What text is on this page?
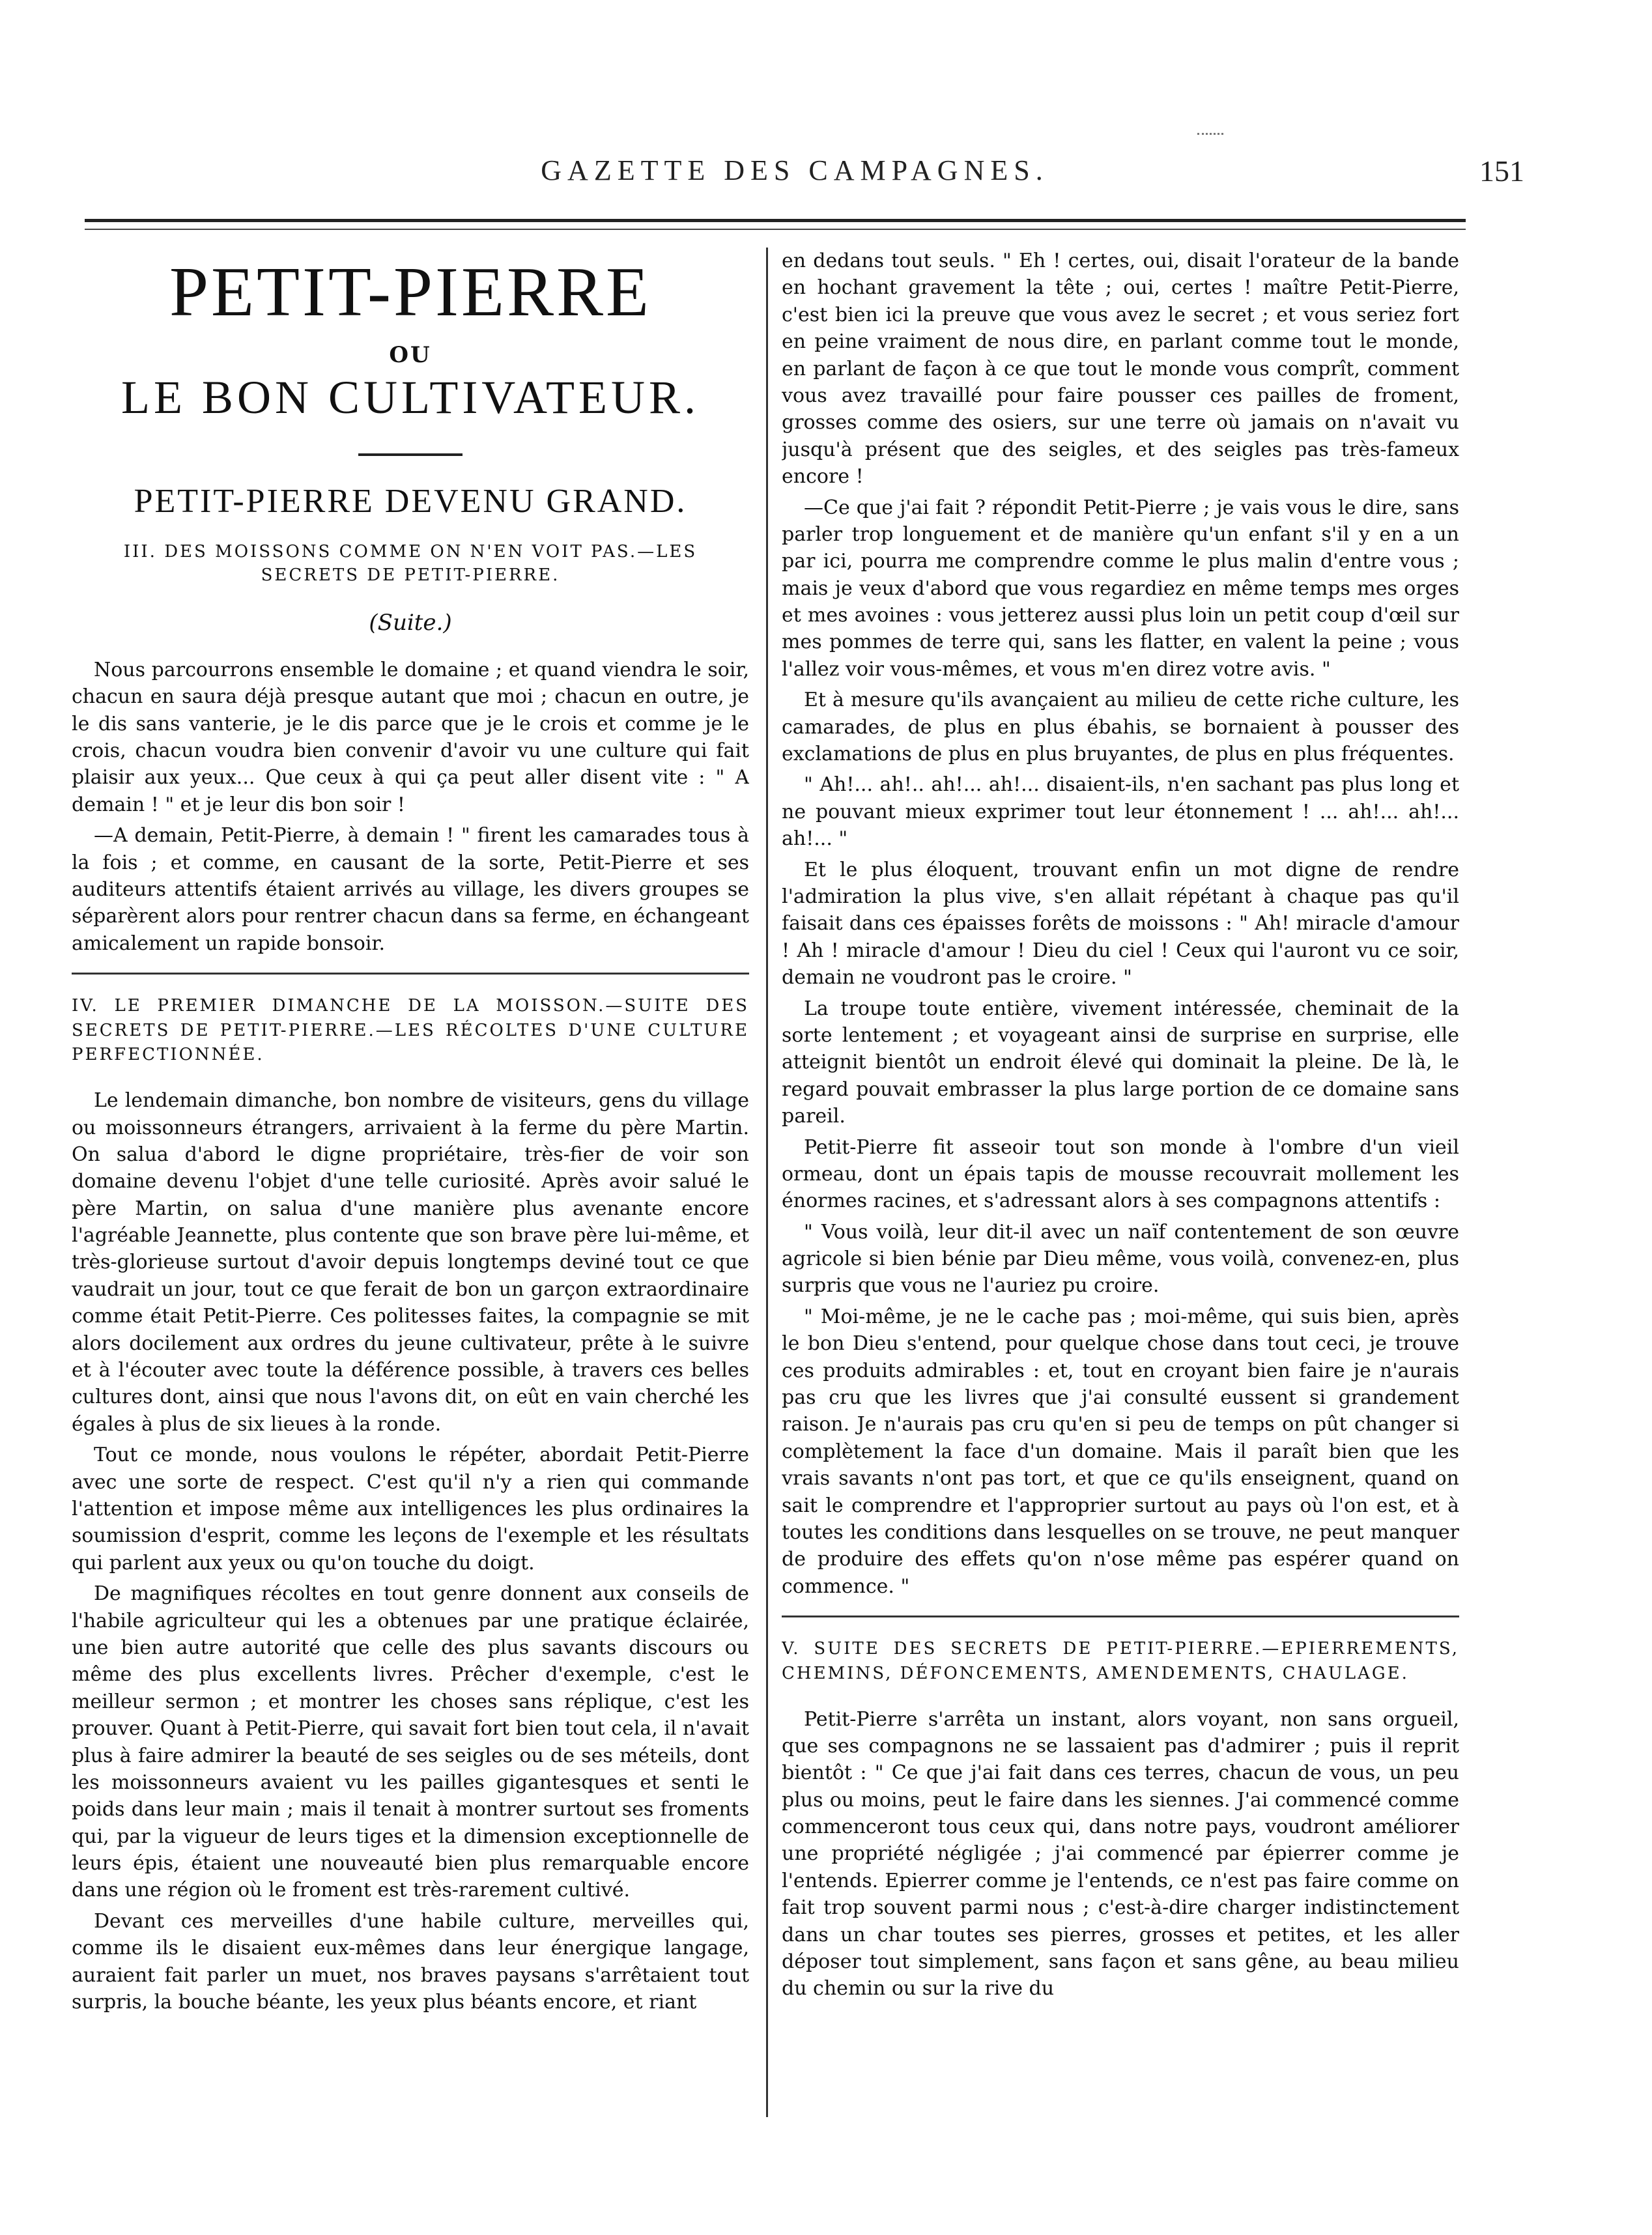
GAZETTE DES CAMPAGNES.	151
PETIT-PIERRE
OU
LE BON CULTIVATEUR.
PETIT-PIERRE DEVENU GRAND.
III. DES MOISSONS COMME ON N'EN VOIT PAS.—LES SECRETS DE PETIT-PIERRE.
(Suite.)

Nous parcourrons ensemble le domaine ; et quand viendra le soir, chacun en saura déjà presque autant que moi ; chacun en outre, je le dis sans vanterie, je le dis parce que je le crois et comme je le crois, chacun voudra bien convenir d'avoir vu une culture qui fait plaisir aux yeux... Que ceux à qui ça peut aller disent vite : " A demain ! " et je leur dis bon soir !

—A demain, Petit-Pierre, à demain ! " firent les camarades tous à la fois ; et comme, en causant de la sorte, Petit-Pierre et ses auditeurs attentifs étaient arrivés au village, les divers groupes se séparèrent alors pour rentrer chacun dans sa ferme, en échangeant amicalement un rapide bonsoir.

IV. LE PREMIER DIMANCHE DE LA MOISSON.—SUITE DES SECRETS DE PETIT-PIERRE.—LES RÉCOLTES D'UNE CULTURE PERFECTIONNÉE.

Le lendemain dimanche, bon nombre de visiteurs, gens du village ou moissonneurs étrangers, arrivaient à la ferme du père Martin. On salua d'abord le digne propriétaire, très-fier de voir son domaine devenu l'objet d'une telle curiosité. Après avoir salué le père Martin, on salua d'une manière plus avenante encore l'agréable Jeannette, plus contente que son brave père lui-même, et très-glorieuse surtout d'avoir depuis longtemps deviné tout ce que vaudrait un jour, tout ce que ferait de bon un garçon extraordinaire comme était Petit-Pierre. Ces politesses faites, la compagnie se mit alors docilement aux ordres du jeune cultivateur, prête à le suivre et à l'écouter avec toute la déférence possible, à travers ces belles cultures dont, ainsi que nous l'avons dit, on eût en vain cherché les égales à plus de six lieues à la ronde.

Tout ce monde, nous voulons le répéter, abordait Petit-Pierre avec une sorte de respect. C'est qu'il n'y a rien qui commande l'attention et impose même aux intelligences les plus ordinaires la soumission d'esprit, comme les leçons de l'exemple et les résultats qui parlent aux yeux ou qu'on touche du doigt.

De magnifiques récoltes en tout genre donnent aux conseils de l'habile agriculteur qui les a obtenues par une pratique éclairée, une bien autre autorité que celle des plus savants discours ou même des plus excellents livres. Prêcher d'exemple, c'est le meilleur sermon ; et montrer les choses sans réplique, c'est les prouver. Quant à Petit-Pierre, qui savait fort bien tout cela, il n'avait plus à faire admirer la beauté de ses seigles ou de ses méteils, dont les moissonneurs avaient vu les pailles gigantesques et senti le poids dans leur main ; mais il tenait à montrer surtout ses froments qui, par la vigueur de leurs tiges et la dimension exceptionnelle de leurs épis, étaient une nouveauté bien plus remarquable encore dans une région où le froment est très-rarement cultivé.

Devant ces merveilles d'une habile culture, merveilles qui, comme ils le disaient eux-mêmes dans leur énergique langage, auraient fait parler un muet, nos braves paysans s'arrêtaient tout surpris, la bouche béante, les yeux plus béants encore, et riant

en dedans tout seuls. " Eh ! certes, oui, disait l'orateur de la bande en hochant gravement la tête ; oui, certes ! maître Petit-Pierre, c'est bien ici la preuve que vous avez le secret ; et vous seriez fort en peine vraiment de nous dire, en parlant comme tout le monde, en parlant de façon à ce que tout le monde vous comprît, comment vous avez travaillé pour faire pousser ces pailles de froment, grosses comme des osiers, sur une terre où jamais on n'avait vu jusqu'à présent que des seigles, et des seigles pas très-fameux encore !

—Ce que j'ai fait ? répondit Petit-Pierre ; je vais vous le dire, sans parler trop longuement et de manière qu'un enfant s'il y en a un par ici, pourra me comprendre comme le plus malin d'entre vous ; mais je veux d'abord que vous regardiez en même temps mes orges et mes avoines : vous jetterez aussi plus loin un petit coup d'œil sur mes pommes de terre qui, sans les flatter, en valent la peine ; vous l'allez voir vous-mêmes, et vous m'en direz votre avis. "

Et à mesure qu'ils avançaient au milieu de cette riche culture, les camarades, de plus en plus ébahis, se bornaient à pousser des exclamations de plus en plus bruyantes, de plus en plus fréquentes.

" Ah!... ah!.. ah!... ah!... disaient-ils, n'en sachant pas plus long et ne pouvant mieux exprimer tout leur étonnement ! ... ah!... ah!... ah!... "

Et le plus éloquent, trouvant enfin un mot digne de rendre l'admiration la plus vive, s'en allait répétant à chaque pas qu'il faisait dans ces épaisses forêts de moissons : " Ah! miracle d'amour ! Ah ! miracle d'amour ! Dieu du ciel ! Ceux qui l'auront vu ce soir, demain ne voudront pas le croire. "

La troupe toute entière, vivement intéressée, cheminait de la sorte lentement ; et voyageant ainsi de surprise en surprise, elle atteignit bientôt un endroit élevé qui dominait la pleine. De là, le regard pouvait embrasser la plus large portion de ce domaine sans pareil.

Petit-Pierre fit asseoir tout son monde à l'ombre d'un vieil ormeau, dont un épais tapis de mousse recouvrait mollement les énormes racines, et s'adressant alors à ses compagnons attentifs :

" Vous voilà, leur dit-il avec un naïf contentement de son œuvre agricole si bien bénie par Dieu même, vous voilà, convenez-en, plus surpris que vous ne l'auriez pu croire.

" Moi-même, je ne le cache pas ; moi-même, qui suis bien, après le bon Dieu s'entend, pour quelque chose dans tout ceci, je trouve ces produits admirables : et, tout en croyant bien faire je n'aurais pas cru que les livres que j'ai consulté eussent si grandement raison. Je n'aurais pas cru qu'en si peu de temps on pût changer si complètement la face d'un domaine. Mais il paraît bien que les vrais savants n'ont pas tort, et que ce qu'ils enseignent, quand on sait le comprendre et l'approprier surtout au pays où l'on est, et à toutes les conditions dans lesquelles on se trouve, ne peut manquer de produire des effets qu'on n'ose même pas espérer quand on commence. "

V. SUITE DES SECRETS DE PETIT-PIERRE.—EPIERREMENTS, CHEMINS, DÉFONCEMENTS, AMENDEMENTS, CHAULAGE.

Petit-Pierre s'arrêta un instant, alors voyant, non sans orgueil, que ses compagnons ne se lassaient pas d'admirer ; puis il reprit bientôt : " Ce que j'ai fait dans ces terres, chacun de vous, un peu plus ou moins, peut le faire dans les siennes. J'ai commencé comme commenceront tous ceux qui, dans notre pays, voudront améliorer une propriété négligée ; j'ai commencé par épierrer comme je l'entends. Epierrer comme je l'entends, ce n'est pas faire comme on fait trop souvent parmi nous ; c'est-à-dire charger indistinctement dans un char toutes ses pierres, grosses et petites, et les aller déposer tout simplement, sans façon et sans gêne, au beau milieu du chemin ou sur la rive du
